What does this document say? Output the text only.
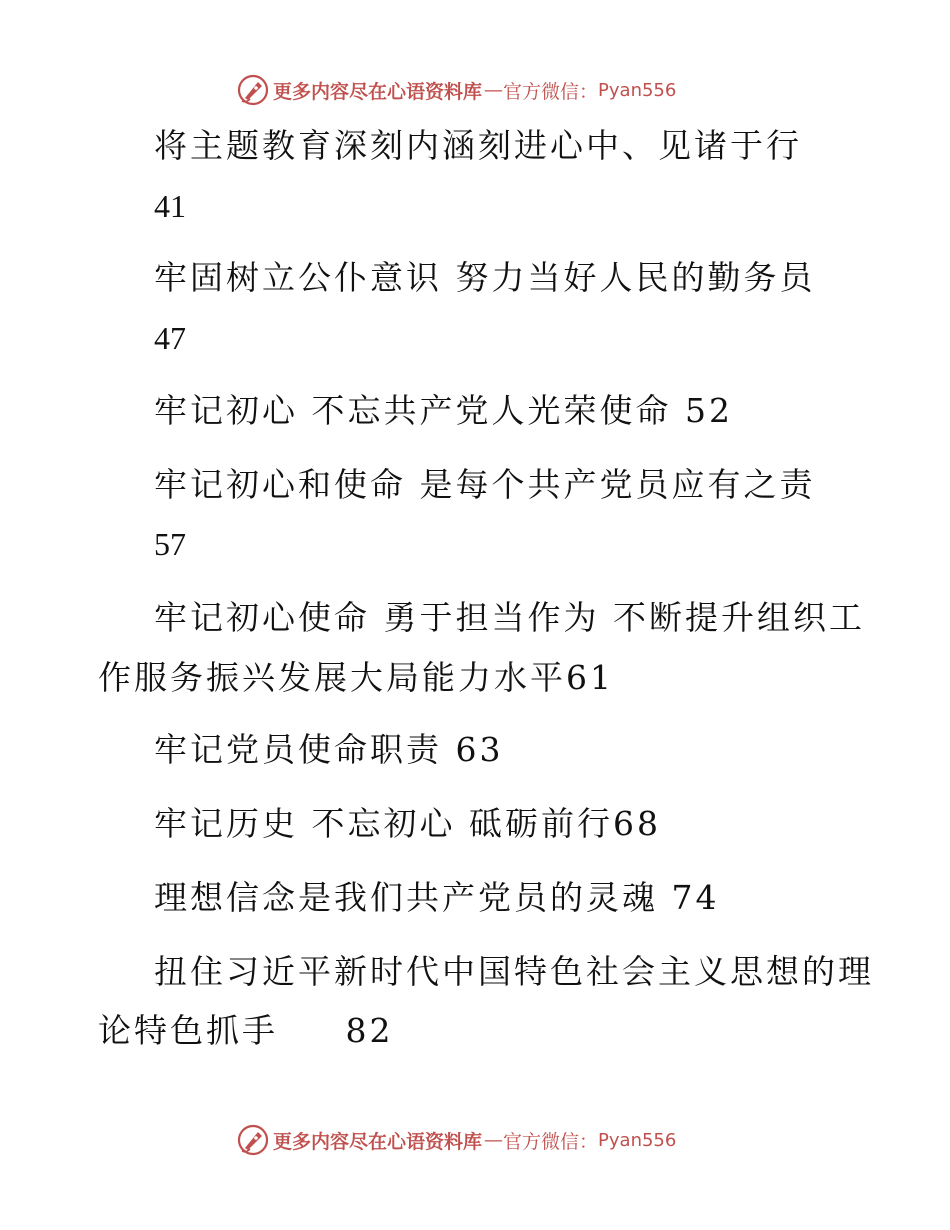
更多内容尽在心语资料库 — 官方微信： Pyan556
将主题教育深刻内涵刻进心中、见诸于行
41
牢固树立公仆意识 努力当好人民的勤务员
47
牢记初心 不忘共产党人光荣使命 52
牢记初心和使命 是每个共产党员应有之责
57
牢记初心使命 勇于担当作为 不断提升组织工
作服务振兴发展大局能力水平61
牢记党员使命职责 63
牢记历史 不忘初心 砥砺前行68
理想信念是我们共产党员的灵魂 74
扭住习近平新时代中国特色社会主义思想的理
论特色抓手     82
更多内容尽在心语资料库 — 官方微信： Pyan556
